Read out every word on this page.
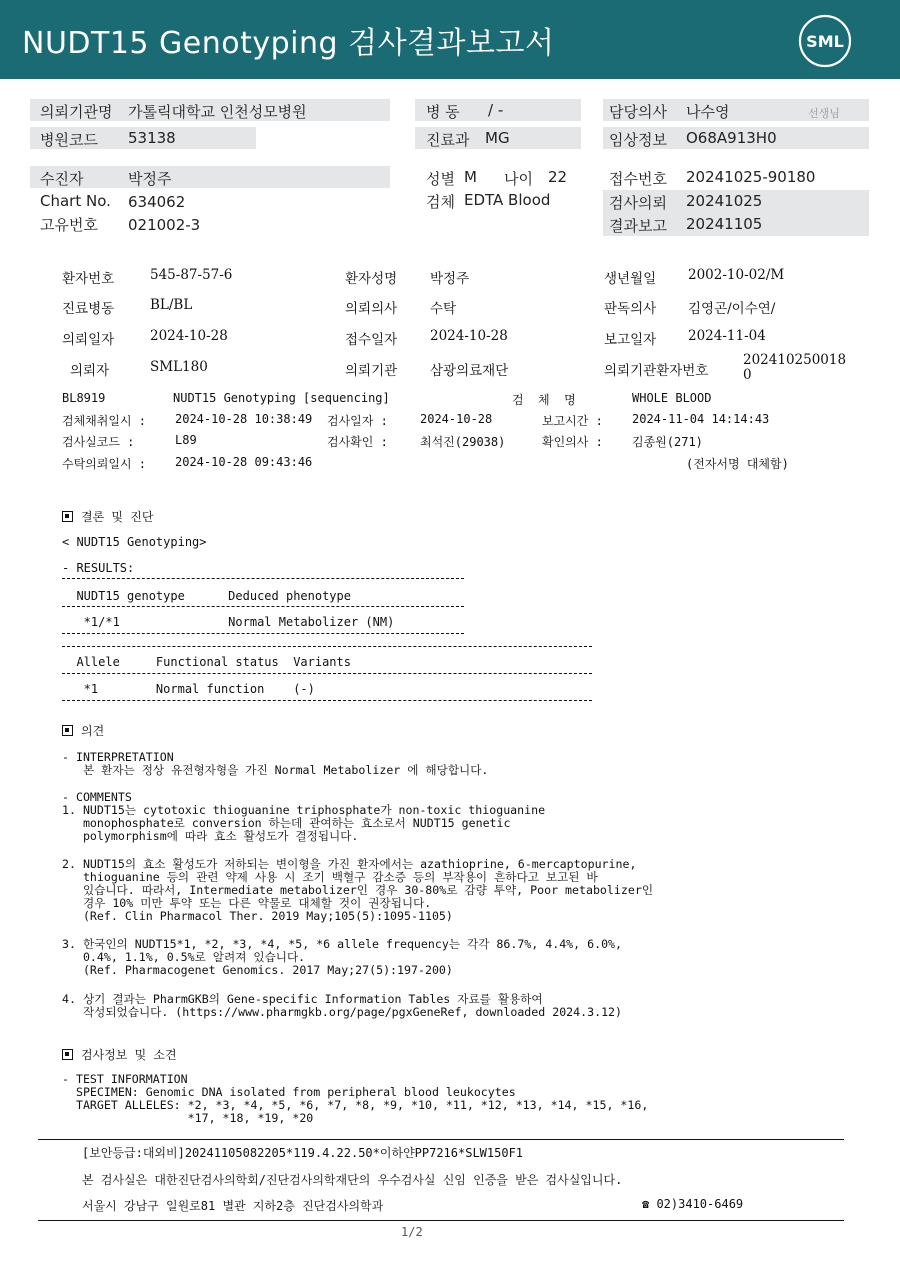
NUDT15 Genotyping 검사결과보고서	SML
의뢰기관명 가톨릭대학교 인천성모병원
병원코드 53138
병 동 / -
진료과 MG
담당의사 나수영	선생님
임상정보 O68A913H0
수진자	박정주
Chart No. 634062
고유번호 021002-3
성별 M 나이 22
검체 EDTA Blood
접수번호 20241025-90180
검사의뢰 20241025
결과보고 20241105
환자번호	545-87-57-6	환자성명 박정주	생년월일 2002-10-02/M
진료병동	BL/BL	의뢰의사 수탁	판독의사 김영곤/이수연/
의뢰일자	2024-10-28	접수일자 2024-10-28	보고일자 2024-11-04
의뢰자	SML180	의뢰기관 삼광의료재단	의뢰기관환자번호
202410250018
0
BL8919	NUDT15 Genotyping [sequencing]	검  체  명	WHOLE BLOOD
검체채취일시 : 2024-10-28 10:38:49 검사일자 :	2024-10-28	보고시간 : 2024-11-04 14:14:43
검사실코드 :	L89	검사확인 :	최석진(29038)	확인의사 : 김종원(271)
수탁의뢰일시 : 2024-10-28 09:43:46	(전자서명 대체함)
결론 및 진단
< NUDT15 Genotyping>
- RESULTS:
NUDT15 genotype      Deduced phenotype
*1/*1               Normal Metabolizer (NM)
Allele     Functional status  Variants
*1        Normal function    (-)
의견
- INTERPRETATION
본 환자는 정상 유전형자형을 가진 Normal Metabolizer 에 해당합니다.
- COMMENTS
1. NUDT15는 cytotoxic thioguanine triphosphate가 non-toxic thioguanine
monophosphate로 conversion 하는데 관여하는 효소로서 NUDT15 genetic
polymorphism에 따라 효소 활성도가 결정됩니다.
2. NUDT15의 효소 활성도가 저하되는 변이형을 가진 환자에서는 azathioprine, 6-mercaptopurine,
thioguanine 등의 관련 약제 사용 시 조기 백혈구 감소증 등의 부작용이 흔하다고 보고된 바
있습니다. 따라서, Intermediate metabolizer인 경우 30-80%로 감량 투약, Poor metabolizer인
경우 10% 미만 투약 또는 다른 약물로 대체할 것이 권장됩니다.
(Ref. Clin Pharmacol Ther. 2019 May;105(5):1095-1105)
3. 한국인의 NUDT15*1, *2, *3, *4, *5, *6 allele frequency는 각각 86.7%, 4.4%, 6.0%,
0.4%, 1.1%, 0.5%로 알려져 있습니다.
(Ref. Pharmacogenet Genomics. 2017 May;27(5):197-200)
4. 상기 결과는 PharmGKB의 Gene-specific Information Tables 자료를 활용하여
작성되었습니다. (https://www.pharmgkb.org/page/pgxGeneRef, downloaded 2024.3.12)
검사정보 및 소견
- TEST INFORMATION
SPECIMEN: Genomic DNA isolated from peripheral blood leukocytes
TARGET ALLELES: *2, *3, *4, *5, *6, *7, *8, *9, *10, *11, *12, *13, *14, *15, *16,
*17, *18, *19, *20
[보안등급:대외비]20241105082205*119.4.22.50*이하얀PP7216*SLW150F1
본 검사실은 대한진단검사의학회/진단검사의학재단의 우수검사실 신임 인증을 받은 검사실입니다.
서울시 강남구 일원로81 별관 지하2층 진단검사의학과	☎ 02)3410-6469
1/2
